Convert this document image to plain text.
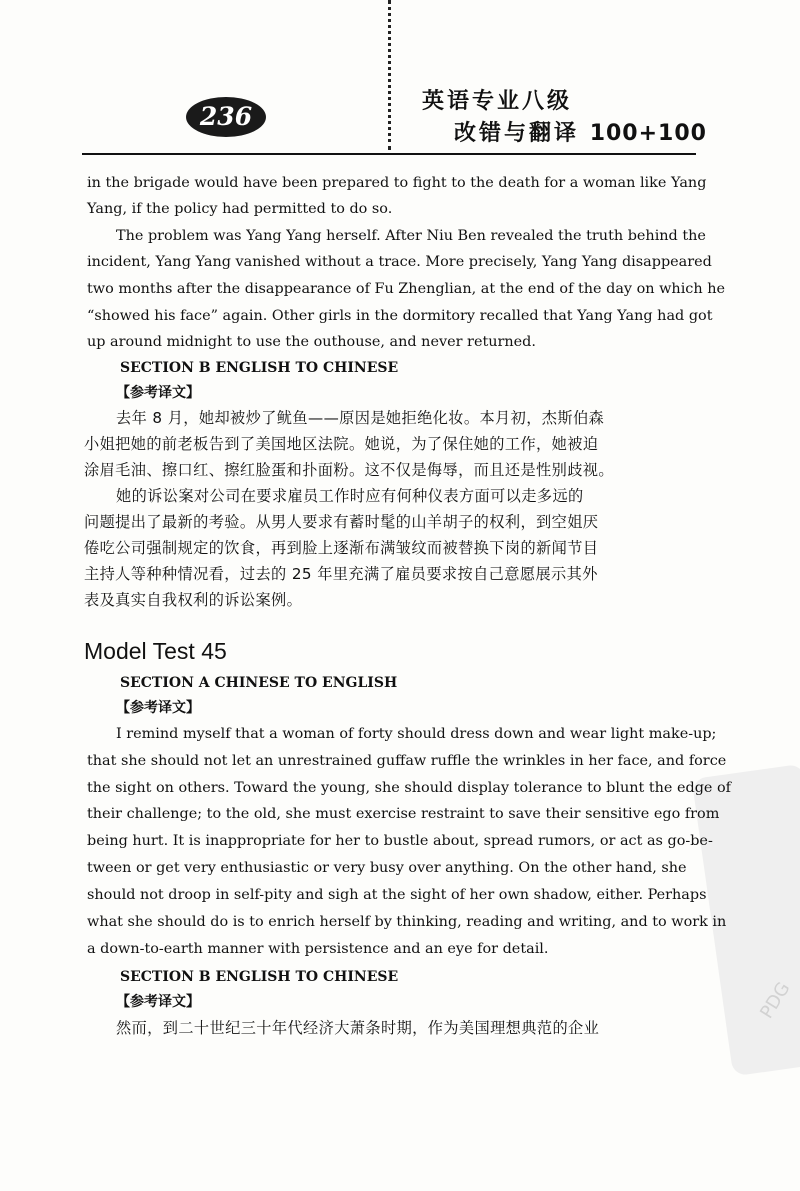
236
英语专业八级
改错与翻译 100+100
PDG
in the brigade would have been prepared to fight to the death for a woman like Yang
Yang, if the policy had permitted to do so.
The problem was Yang Yang herself. After Niu Ben revealed the truth behind the
incident, Yang Yang vanished without a trace. More precisely, Yang Yang disappeared
two months after the disappearance of Fu Zhenglian, at the end of the day on which he
“showed his face” again. Other girls in the dormitory recalled that Yang Yang had got
up around midnight to use the outhouse, and never returned.
SECTION B ENGLISH TO CHINESE
【参考译文】
去年 8 月，她却被炒了鱿鱼——原因是她拒绝化妆。本月初，杰斯伯森
小姐把她的前老板告到了美国地区法院。她说，为了保住她的工作，她被迫
涂眉毛油、擦口红、擦红脸蛋和扑面粉。这不仅是侮辱，而且还是性别歧视。
她的诉讼案对公司在要求雇员工作时应有何种仪表方面可以走多远的
问题提出了最新的考验。从男人要求有蓄时髦的山羊胡子的权利，到空姐厌
倦吃公司强制规定的饮食，再到脸上逐渐布满皱纹而被替换下岗的新闻节目
主持人等种种情况看，过去的 25 年里充满了雇员要求按自己意愿展示其外
表及真实自我权利的诉讼案例。
Model Test 45
SECTION A CHINESE TO ENGLISH
【参考译文】
I remind myself that a woman of forty should dress down and wear light make-up;
that she should not let an unrestrained guffaw ruffle the wrinkles in her face, and force
the sight on others. Toward the young, she should display tolerance to blunt the edge of
their challenge; to the old, she must exercise restraint to save their sensitive ego from
being hurt. It is inappropriate for her to bustle about, spread rumors, or act as go-be-
tween or get very enthusiastic or very busy over anything. On the other hand, she
should not droop in self-pity and sigh at the sight of her own shadow, either. Perhaps
what she should do is to enrich herself by thinking, reading and writing, and to work in
a down-to-earth manner with persistence and an eye for detail.
SECTION B ENGLISH TO CHINESE
【参考译文】
然而，到二十世纪三十年代经济大萧条时期，作为美国理想典范的企业
